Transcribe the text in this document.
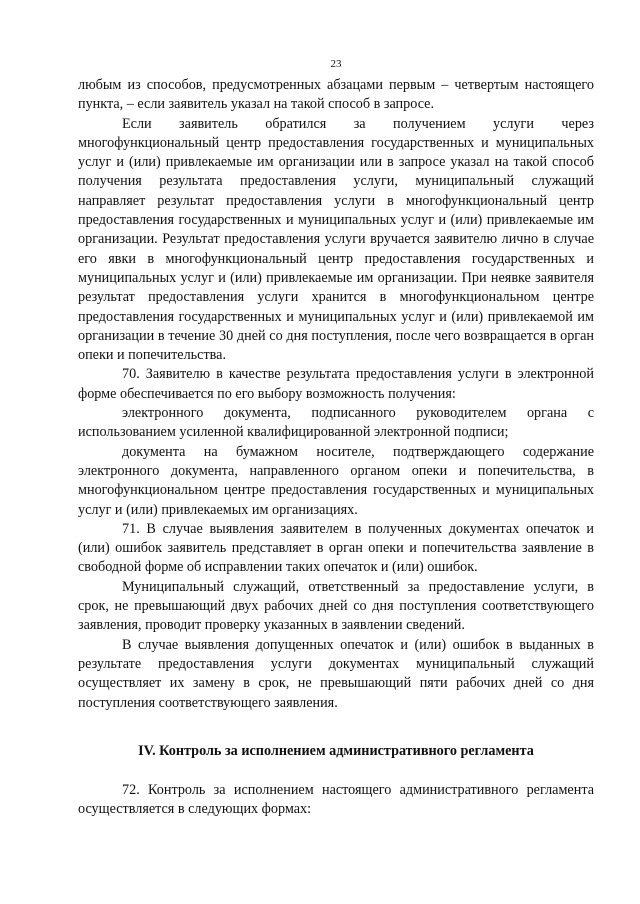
23

любым из способов, предусмотренных абзацами первым – четвертым настоящего пункта, – если заявитель указал на такой способ в запросе.

Если заявитель обратился за получением услуги через многофункциональный центр предоставления государственных и муниципальных услуг и (или) привлекаемые им организации или в запросе указал на такой способ получения результата предоставления услуги, муниципальный служащий направляет результат предоставления услуги в многофункциональный центр предоставления государственных и муниципальных услуг и (или) привлекаемые им организации. Результат предоставления услуги вручается заявителю лично в случае его явки в многофункциональный центр предоставления государственных и муниципальных услуг и (или) привлекаемые им организации. При неявке заявителя результат предоставления услуги хранится в многофункциональном центре предоставления государственных и муниципальных услуг и (или) привлекаемой им организации в течение 30 дней со дня поступления, после чего возвращается в орган опеки и попечительства.

70. Заявителю в качестве результата предоставления услуги в электронной форме обеспечивается по его выбору возможность получения:

электронного документа, подписанного руководителем органа с использованием усиленной квалифицированной электронной подписи;

документа на бумажном носителе, подтверждающего содержание электронного документа, направленного органом опеки и попечительства, в многофункциональном центре предоставления государственных и муниципальных услуг и (или) привлекаемых им организациях.

71. В случае выявления заявителем в полученных документах опечаток и (или) ошибок заявитель представляет в орган опеки и попечительства заявление в свободной форме об исправлении таких опечаток и (или) ошибок.

Муниципальный служащий, ответственный за предоставление услуги, в срок, не превышающий двух рабочих дней со дня поступления соответствующего заявления, проводит проверку указанных в заявлении сведений.

В случае выявления допущенных опечаток и (или) ошибок в выданных в результате предоставления услуги документах муниципальный служащий осуществляет их замену в срок, не превышающий пяти рабочих дней со дня поступления соответствующего заявления.

IV. Контроль за исполнением административного регламента

72. Контроль за исполнением настоящего административного регламента осуществляется в следующих формах:
